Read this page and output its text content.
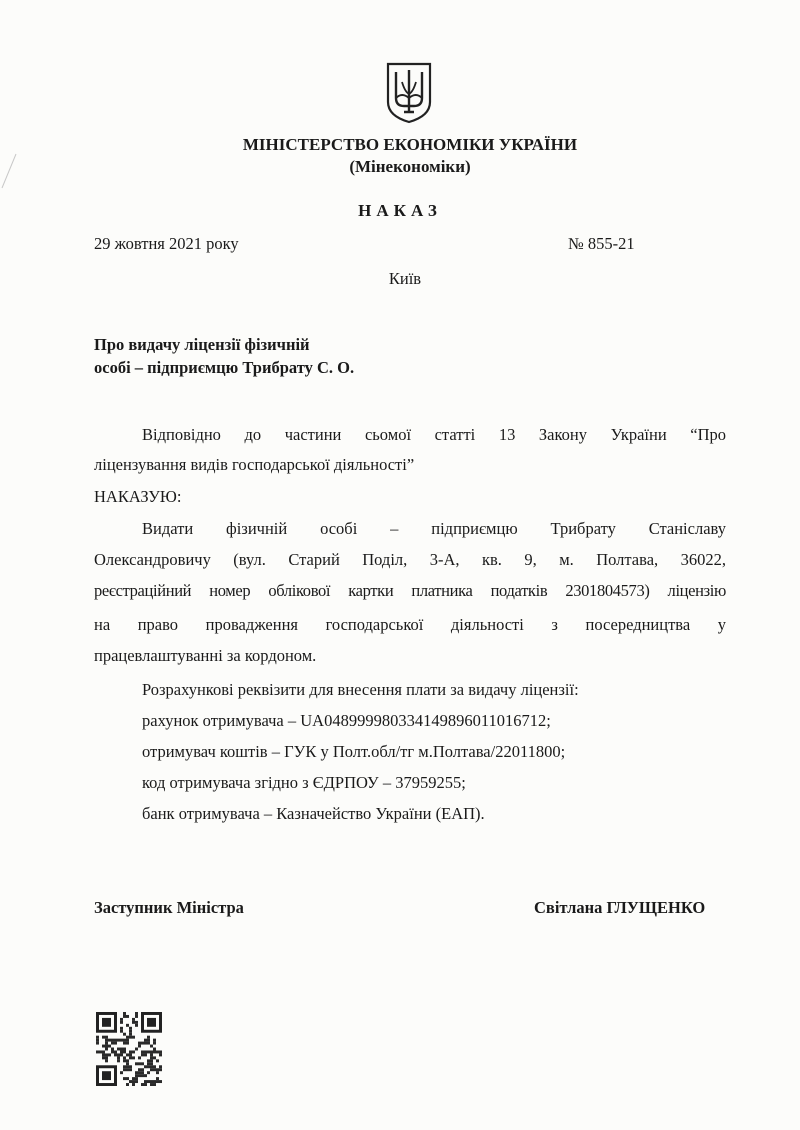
МІНІСТЕРСТВО ЕКОНОМІКИ УКРАЇНИ
(Мінекономіки)
НАКАЗ
29 жовтня 2021 року	№ 855-21
Київ
Про видачу ліцензії фізичній
особі – підприємцю Трибрату С. О.
Відповідно до частини сьомої статті 13 Закону України “Про
ліцензування видів господарської діяльності”
НАКАЗУЮ:
Видати фізичній особі – підприємцю Трибрату Станіславу
Олександровичу (вул. Старий Поділ, 3-А, кв. 9, м. Полтава, 36022,
реєстраційний номер облікової картки платника податків 2301804573) ліцензію
на право провадження господарської діяльності з посередництва у
працевлаштуванні за кордоном.
Розрахункові реквізити для внесення плати за видачу ліцензії:
рахунок отримувача – UA048999980334149896011016712;
отримувач коштів – ГУК у Полт.обл/тг м.Полтава/22011800;
код отримувача згідно з ЄДРПОУ – 37959255;
банк отримувача – Казначейство України (ЕАП).
Заступник Міністра	Світлана ГЛУЩЕНКО
